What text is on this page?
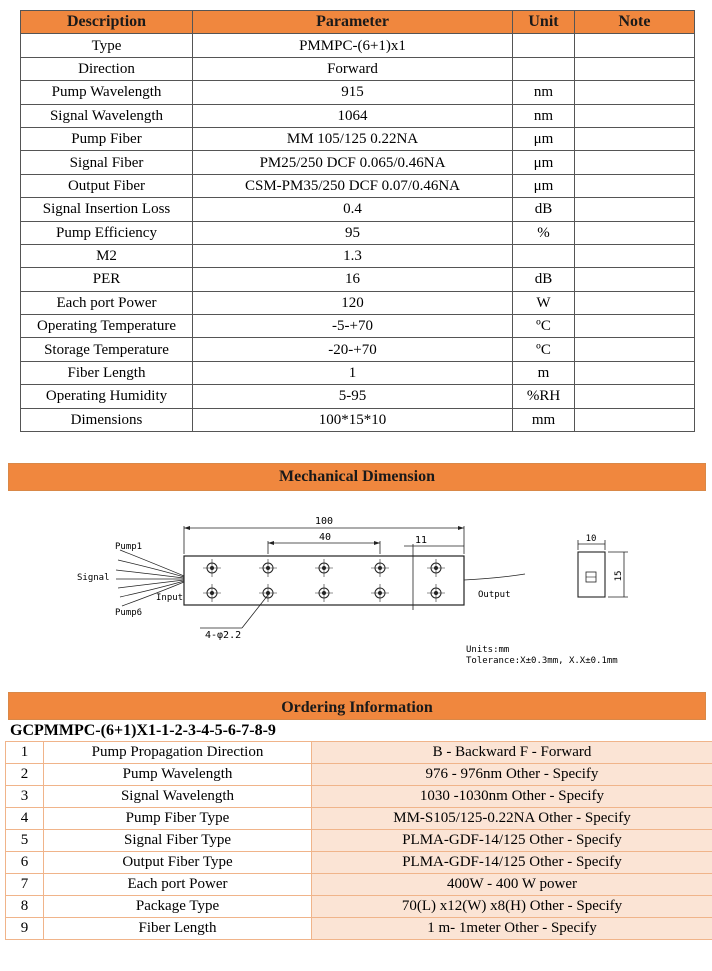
Description	Parameter	Unit	Note
Type	PMMPC-(6+1)x1		
Direction	Forward		
Pump Wavelength	915	nm	
Signal Wavelength	1064	nm	
Pump Fiber	MM 105/125 0.22NA	μm	
Signal Fiber	PM25/250 DCF 0.065/0.46NA	μm	
Output Fiber	CSM-PM35/250 DCF 0.07/0.46NA	μm	
Signal Insertion Loss	0.4	dB	
Pump Efficiency	95	%	
M2	1.3		
PER	16	dB	
Each port Power	120	W	
Operating Temperature	-5-+70	ºC	
Storage Temperature	-20-+70	ºC	
Fiber Length	1	m	
Operating Humidity	5-95	%RH	
Dimensions	100*15*10	mm	
Mechanical Dimension
100
40	11
Pump1
Signal
Pump6
Input	Output
4-φ2.2
10
15
Units:mm
Tolerance:X±0.3mm, X.X±0.1mm
Ordering Information
GCPMMPC-(6+1)X1-1-2-3-4-5-6-7-8-9
1	Pump Propagation Direction	B - Backward F - Forward
2	Pump Wavelength	976 - 976nm Other - Specify
3	Signal Wavelength	1030 -1030nm Other - Specify
4	Pump Fiber Type	MM-S105/125-0.22NA Other - Specify
5	Signal Fiber Type	PLMA-GDF-14/125 Other - Specify
6	Output Fiber Type	PLMA-GDF-14/125 Other - Specify
7	Each port Power	400W - 400 W power
8	Package Type	70(L) x12(W) x8(H) Other - Specify
9	Fiber Length	1 m- 1meter Other - Specify
